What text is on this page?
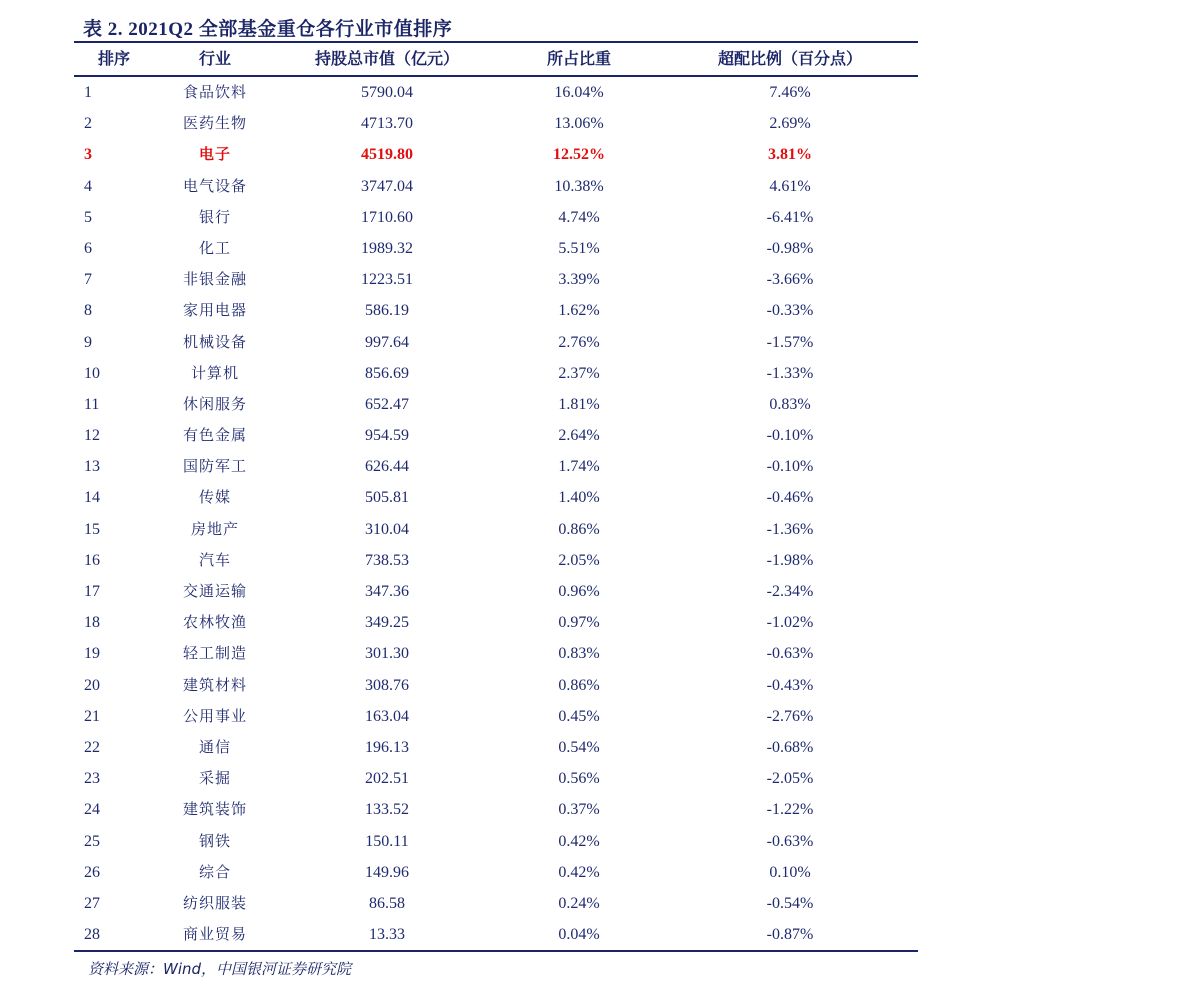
表 2. 2021Q2 全部基金重仓各行业市值排序
排序	行业	持股总市值（亿元）	所占比重	超配比例（百分点）
1	食品饮料	5790.04	16.04%	7.46%
2	医药生物	4713.70	13.06%	2.69%
3	电子	4519.80	12.52%	3.81%
4	电气设备	3747.04	10.38%	4.61%
5	银行	1710.60	4.74%	-6.41%
6	化工	1989.32	5.51%	-0.98%
7	非银金融	1223.51	3.39%	-3.66%
8	家用电器	586.19	1.62%	-0.33%
9	机械设备	997.64	2.76%	-1.57%
10	计算机	856.69	2.37%	-1.33%
11	休闲服务	652.47	1.81%	0.83%
12	有色金属	954.59	2.64%	-0.10%
13	国防军工	626.44	1.74%	-0.10%
14	传媒	505.81	1.40%	-0.46%
15	房地产	310.04	0.86%	-1.36%
16	汽车	738.53	2.05%	-1.98%
17	交通运输	347.36	0.96%	-2.34%
18	农林牧渔	349.25	0.97%	-1.02%
19	轻工制造	301.30	0.83%	-0.63%
20	建筑材料	308.76	0.86%	-0.43%
21	公用事业	163.04	0.45%	-2.76%
22	通信	196.13	0.54%	-0.68%
23	采掘	202.51	0.56%	-2.05%
24	建筑装饰	133.52	0.37%	-1.22%
25	钢铁	150.11	0.42%	-0.63%
26	综合	149.96	0.42%	0.10%
27	纺织服装	86.58	0.24%	-0.54%
28	商业贸易	13.33	0.04%	-0.87%
资料来源：Wind，中国银河证券研究院
